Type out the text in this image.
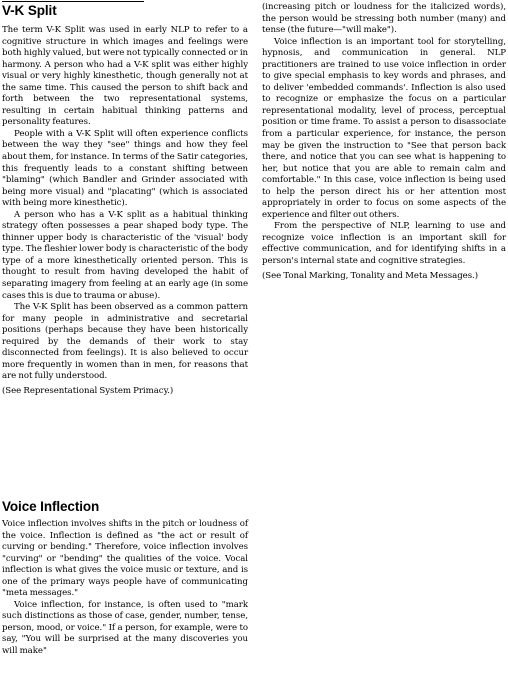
V-K Split

The term V-K Split was used in early NLP to refer to a cognitive structure in which images and feelings were both highly valued, but were not typically connected or in harmony. A person who had a V-K split was either highly visual or very highly kinesthetic, though generally not at the same time. This caused the person to shift back and forth between the two representational systems, resulting in certain habitual thinking patterns and personality features.

People with a V-K Split will often experience conflicts between the way they "see" things and how they feel about them, for instance. In terms of the Satir categories, this frequently leads to a constant shifting between "blaming" (which Bandler and Grinder associated with being more visual) and "placating" (which is associated with being more kinesthetic).

A person who has a V-K split as a habitual thinking strategy often possesses a pear shaped body type. The thinner upper body is characteristic of the 'visual' body type. The fleshier lower body is characteristic of the body type of a more kinesthetically oriented person. This is thought to result from having developed the habit of separating imagery from feeling at an early age (in some cases this is due to trauma or abuse).

The V-K Split has been observed as a common pattern for many people in administrative and secretarial positions (perhaps because they have been historically required by the demands of their work to stay disconnected from feelings). It is also believed to occur more frequently in women than in men, for reasons that are not fully understood.

(See Representational System Primacy.)

Voice Inflection

Voice inflection involves shifts in the pitch or loudness of the voice. Inflection is defined as "the act or result of curving or bending." Therefore, voice inflection involves "curving" or "bending" the qualities of the voice. Vocal inflection is what gives the voice music or texture, and is one of the primary ways people have of communicating "meta messages."

Voice inflection, for instance, is often used to "mark such distinctions as those of case, gender, number, tense, person, mood, or voice." If a person, for example, were to say, "You will be surprised at the many discoveries you will make"

(increasing pitch or loudness for the italicized words), the person would be stressing both number (many) and tense (the future—"will make").

Voice inflection is an important tool for storytelling, hypnosis, and communication in general. NLP practitioners are trained to use voice inflection in order to give special emphasis to key words and phrases, and to deliver 'embedded commands'. Inflection is also used to recognize or emphasize the focus on a particular representational modality, level of process, perceptual position or time frame. To assist a person to disassociate from a particular experience, for instance, the person may be given the instruction to "See that person back there, and notice that you can see what is happening to her, but notice that you are able to remain calm and comfortable." In this case, voice inflection is being used to help the person direct his or her attention most appropriately in order to focus on some aspects of the experience and filter out others.

From the perspective of NLP, learning to use and recognize voice inflection is an important skill for effective communication, and for identifying shifts in a person's internal state and cognitive strategies.

(See Tonal Marking, Tonality and Meta Messages.)
